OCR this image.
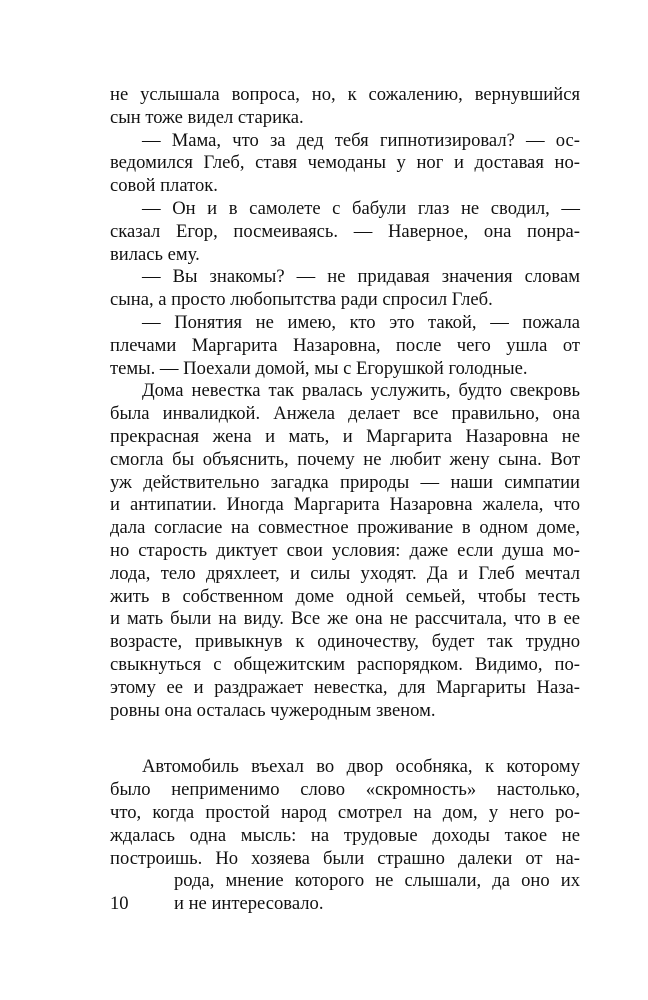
не услышала вопроса, но, к сожалению, вернувшийся
сын тоже видел старика.
— Мама, что за дед тебя гипнотизировал? — ос-
ведомился Глеб, ставя чемоданы у ног и доставая но-
совой платок.
— Он и в самолете с бабули глаз не сводил, —
сказал Егор, посмеиваясь. — Наверное, она понра-
вилась ему.
— Вы знакомы? — не придавая значения словам
сына, а просто любопытства ради спросил Глеб.
— Понятия не имею, кто это такой, — пожала
плечами Маргарита Назаровна, после чего ушла от
темы. — Поехали домой, мы с Егорушкой голодные.
Дома невестка так рвалась услужить, будто свекровь
была инвалидкой. Анжела делает все правильно, она
прекрасная жена и мать, и Маргарита Назаровна не
смогла бы объяснить, почему не любит жену сына. Вот
уж действительно загадка природы — наши симпатии
и антипатии. Иногда Маргарита Назаровна жалела, что
дала согласие на совместное проживание в одном доме,
но старость диктует свои условия: даже если душа мо-
лода, тело дряхлеет, и силы уходят. Да и Глеб мечтал
жить в собственном доме одной семьей, чтобы тесть
и мать были на виду. Все же она не рассчитала, что в ее
возрасте, привыкнув к одиночеству, будет так трудно
свыкнуться с общежитским распорядком. Видимо, по-
этому ее и раздражает невестка, для Маргариты Наза-
ровны она осталась чужеродным звеном.
Автомобиль въехал во двор особняка, к которому
было неприменимо слово «скромность» настолько,
что, когда простой народ смотрел на дом, у него ро-
ждалась одна мысль: на трудовые доходы такое не
построишь. Но хозяева были страшно далеки от на-
рода, мнение которого не слышали, да оно их
10	и не интересовало.
